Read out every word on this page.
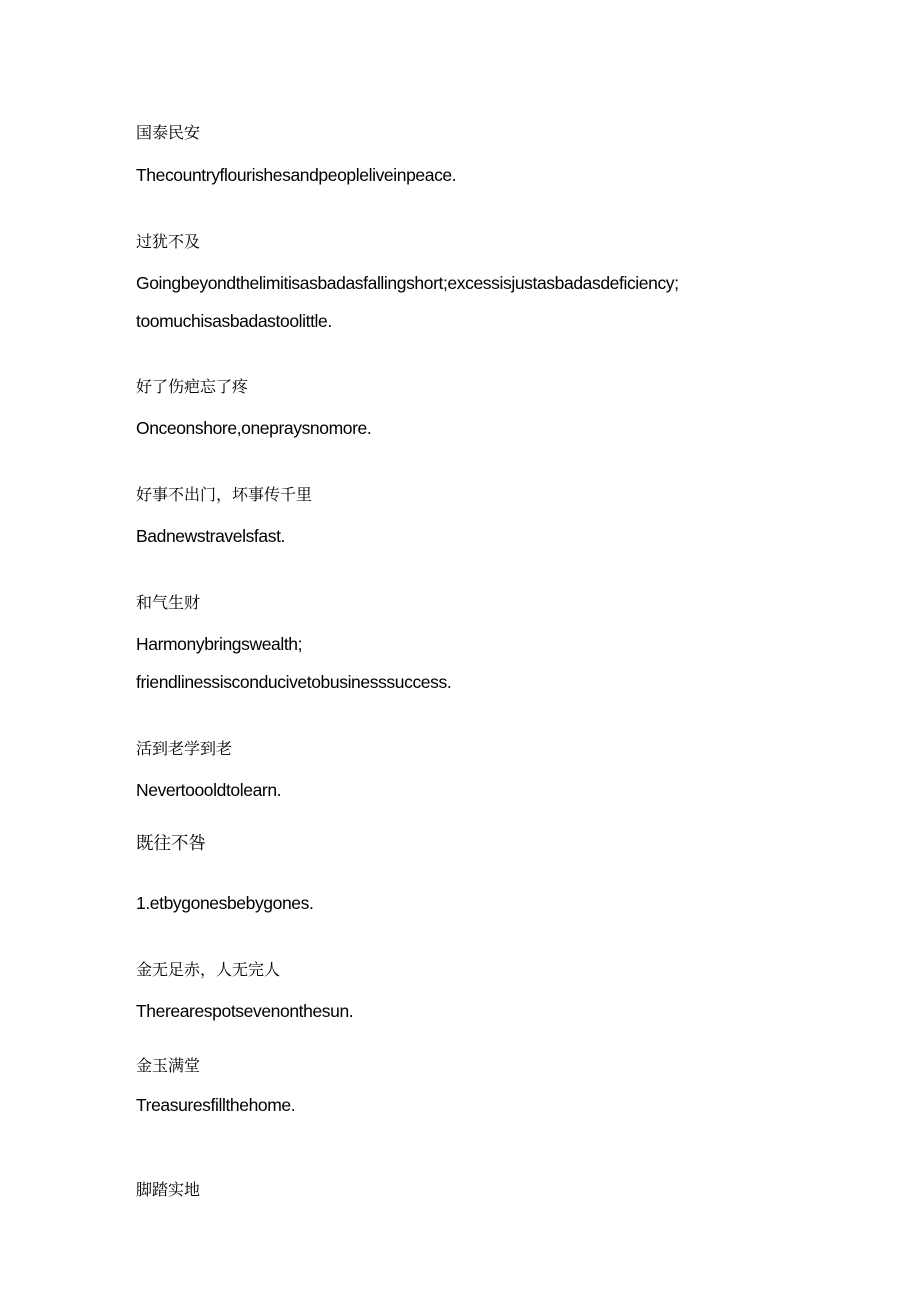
国泰民安
Thecountryflourishesandpeopleliveinpeace.
过犹不及
Goingbeyondthelimitisasbadasfallingshort;excessisjustasbadasdeficiency;
toomuchisasbadastoolittle.
好了伤疤忘了疼
Onceonshore,onepraysnomore.
好事不出门，坏事传千里
Badnewstravelsfast.
和气生财
Harmonybringswealth;
friendlinessisconducivetobusinesssuccess.
活到老学到老
Nevertoooldtolearn.
既往不咎
1.etbygonesbebygones.
金无足赤，人无完人
Therearespotsevenonthesun.
金玉满堂
Treasuresfillthehome.
脚踏实地
